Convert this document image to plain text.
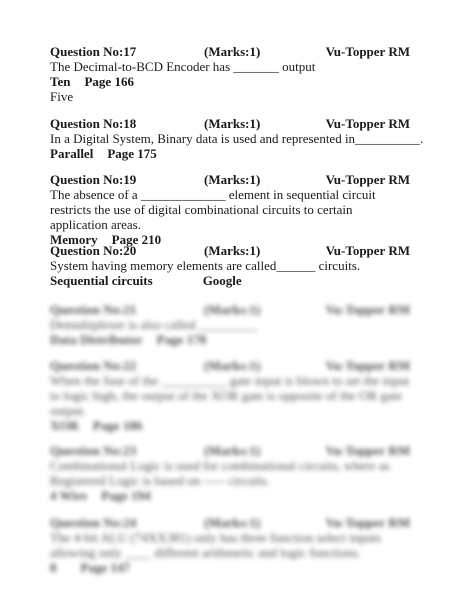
Question No:17	(Marks:1)	Vu-Topper RM
The Decimal-to-BCD Encoder has _______ output
Ten Page 166
Five
Question No:18	(Marks:1)	Vu-Topper RM
In a Digital System, Binary data is used and represented in__________.
Parallel Page 175
Question No:19	(Marks:1)	Vu-Topper RM
The absence of a _____________ element in sequential circuit restricts the use of digital combinational circuits to certain application areas.
Memory Page 210
Question No:20	(Marks:1)	Vu-Topper RM
System having memory elements are called______ circuits.
Sequential circuits	Google
Question No:21	(Marks:1)	Vu-Topper RM
Demultiplexer is also called _________
Data Distributor Page 178
Question No:22	(Marks:1)	Vu-Topper RM
When the fuse of the __________ gate input is blown to set the input to logic high, the output of the XOR gate is opposite of the OR gate output.
XOR Page 186
Question No:23	(Marks:1)	Vu-Topper RM
Combinational Logic is used for combinational circuits, where as Registered Logic is based on ----- circuits.
4 Wire Page 194
Question No:24	(Marks:1)	Vu-Topper RM
The 4-bit ALU (74XX381) only has three function select inputs allowing only ____ different arithmetic and logic functions.
8 Page 147
